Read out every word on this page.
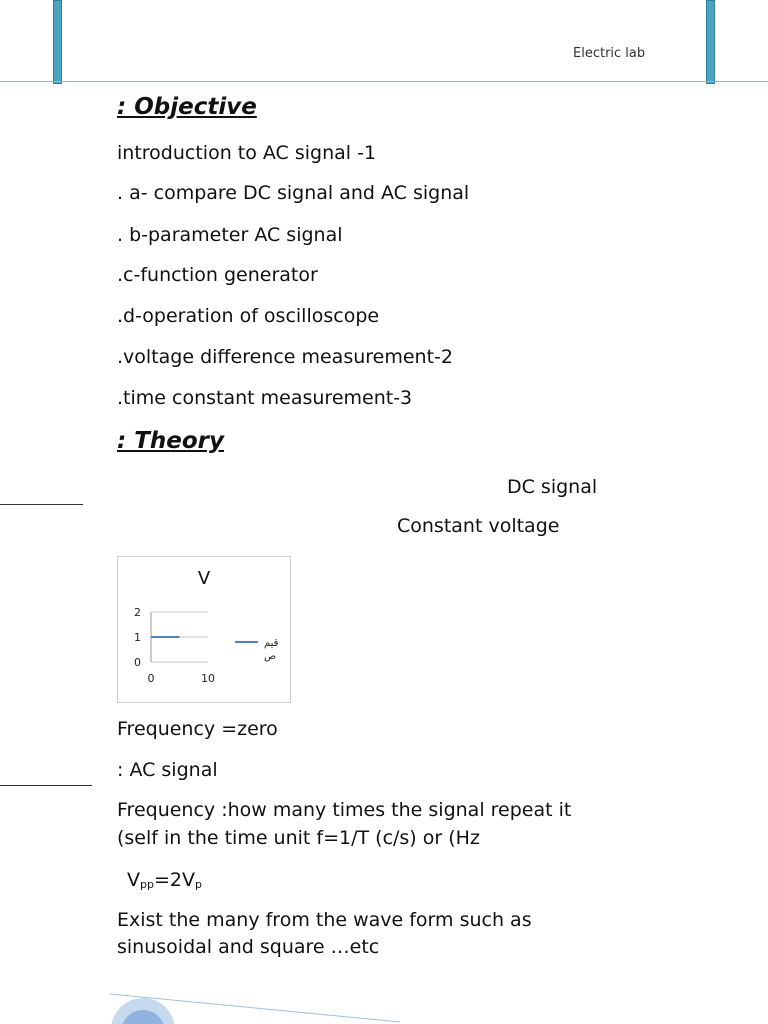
Electric lab
: Objective
introduction to AC signal -1
. a- compare DC signal and AC signal
. b-parameter AC signal
.c-function generator
.d-operation of oscilloscope
.voltage difference measurement-2
.time constant measurement-3
: Theory
DC signal
Constant voltage
V
0
1
2
0	10
قيم
ص
Frequency =zero
: AC signal
Frequency :how many times the signal repeat it
(self in the time unit f=1/T (c/s) or (Hz
$V_{pp}=2V_p$
Exist the many from the wave form such as
sinusoidal and square …etc
